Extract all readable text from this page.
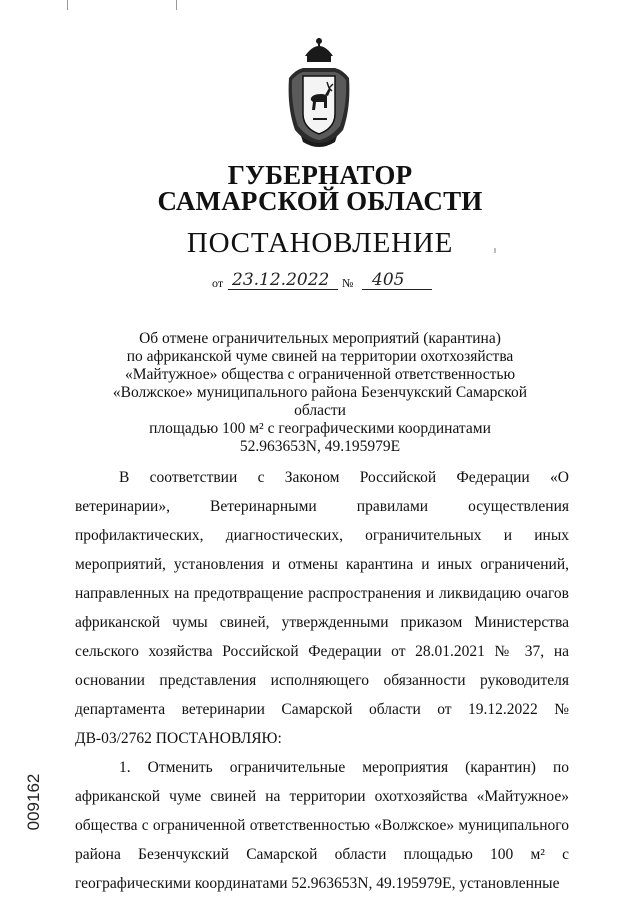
ГУБЕРНАТОР
САМАРСКОЙ ОБЛАСТИ
ПОСТАНОВЛЕНИЕ
от 23.12.2022 № 405
Об отмене ограничительных мероприятий (карантина)
по африканской чуме свиней на территории охотхозяйства
«Майтужное» общества с ограниченной ответственностью
«Волжское» муниципального района Безенчукский Самарской области
площадью 100 м² с географическими координатами
52.963653N, 49.195979E

В соответствии с Законом Российской Федерации «О ветеринарии», Ветеринарными правилами осуществления профилактических, диагностических, ограничительных и иных мероприятий, установления и отмены карантина и иных ограничений, направленных на предотвращение распространения и ликвидацию очагов африканской чумы свиней, утвержденными приказом Министерства сельского хозяйства Российской Федерации от 28.01.2021 № 37, на основании представления исполняющего обязанности руководителя департамента ветеринарии Самарской области от 19.12.2022 № ДВ-03/2762 ПОСТАНОВЛЯЮ:

1. Отменить ограничительные мероприятия (карантин) по африканской чуме свиней на территории охотхозяйства «Майтужное» общества с ограниченной ответственностью «Волжское» муниципального района Безенчукский Самарской области площадью 100 м² с географическими координатами 52.963653N, 49.195979E, установленные

009162
